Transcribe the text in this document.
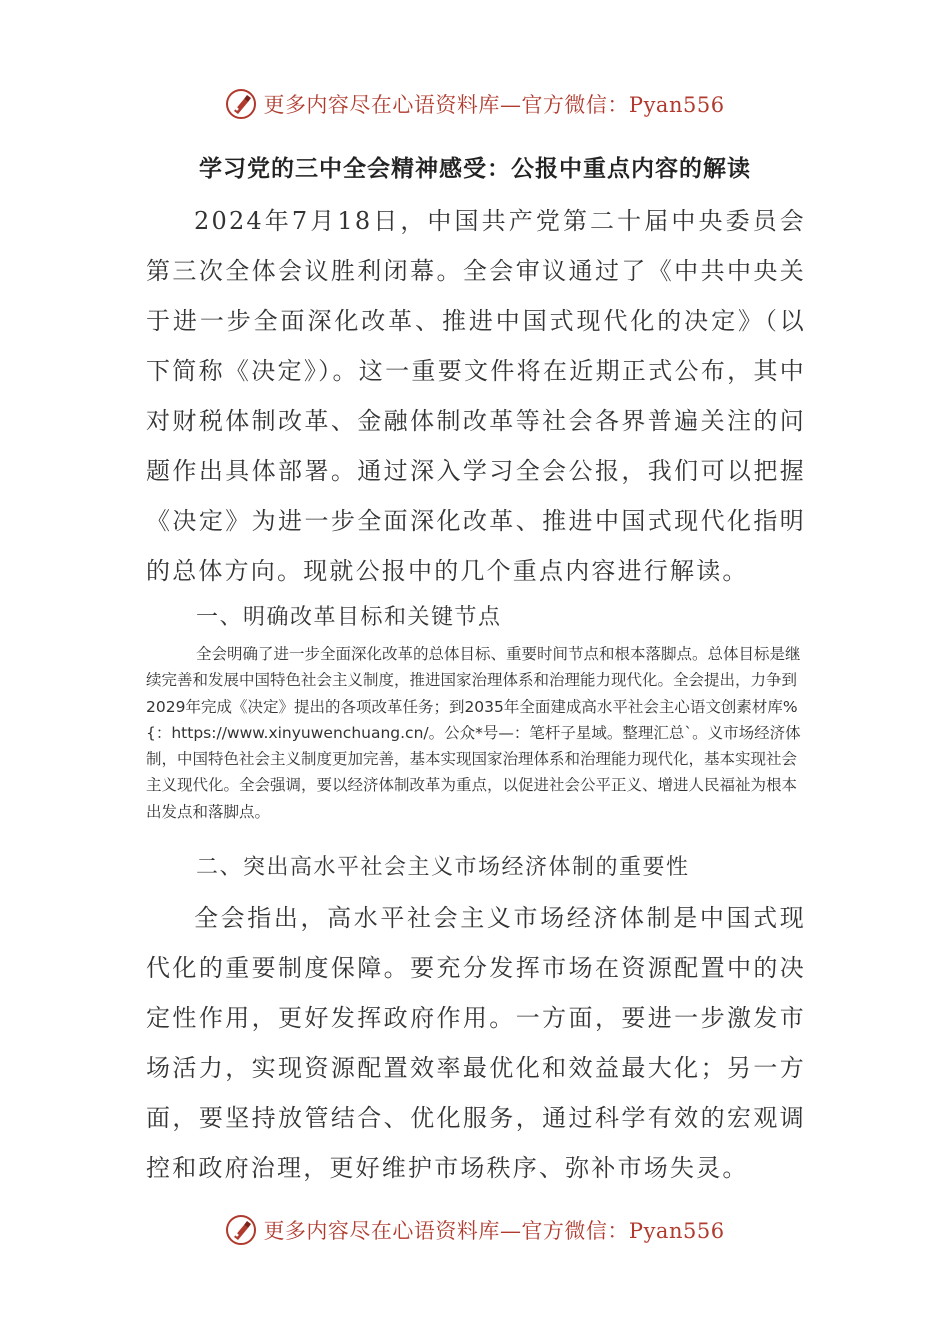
更多内容尽在心语资料库—官方微信：Pyan556
学习党的三中全会精神感受：公报中重点内容的解读

2024年7月18日，中国共产党第二十届中央委员会第三次全体会议胜利闭幕。全会审议通过了《中共中央关于进一步全面深化改革、推进中国式现代化的决定》（以下简称《决定》）。这一重要文件将在近期正式公布，其中对财税体制改革、金融体制改革等社会各界普遍关注的问题作出具体部署。通过深入学习全会公报，我们可以把握《决定》为进一步全面深化改革、推进中国式现代化指明的总体方向。现就公报中的几个重点内容进行解读。

一、明确改革目标和关键节点

全会明确了进一步全面深化改革的总体目标、重要时间节点和根本落脚点。总体目标是继续完善和发展中国特色社会主义制度，推进国家治理体系和治理能力现代化。全会提出，力争到2029年完成《决定》提出的各项改革任务；到2035年全面建成高水平社会主心语文创素材库%{：https://www.xinyuwenchuang.cn/。公众*号—：笔杆子星域。整理汇总`。义市场经济体制，中国特色社会主义制度更加完善，基本实现国家治理体系和治理能力现代化，基本实现社会主义现代化。全会强调，要以经济体制改革为重点，以促进社会公平正义、增进人民福祉为根本出发点和落脚点。

二、突出高水平社会主义市场经济体制的重要性

全会指出，高水平社会主义市场经济体制是中国式现代化的重要制度保障。要充分发挥市场在资源配置中的决定性作用，更好发挥政府作用。一方面，要进一步激发市场活力，实现资源配置效率最优化和效益最大化；另一方面，要坚持放管结合、优化服务，通过科学有效的宏观调控和政府治理，更好维护市场秩序、弥补市场失灵。

更多内容尽在心语资料库—官方微信：Pyan556
